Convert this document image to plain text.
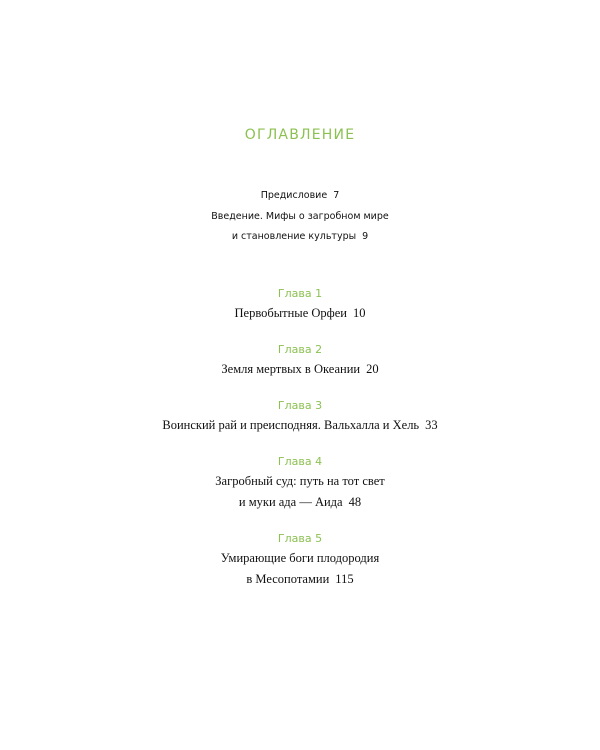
ОГЛАВЛЕНИЕ
Предисловие 7
Введение. Мифы о загробном мире
и становление культуры 9
Глава 1
Первобытные Орфеи 10
Глава 2
Земля мертвых в Океании 20
Глава 3
Воинский рай и преисподняя. Вальхалла и Хель 33
Глава 4
Загробный суд: путь на тот свет
и муки ада — Аида 48
Глава 5
Умирающие боги плодородия
в Месопотамии 115
